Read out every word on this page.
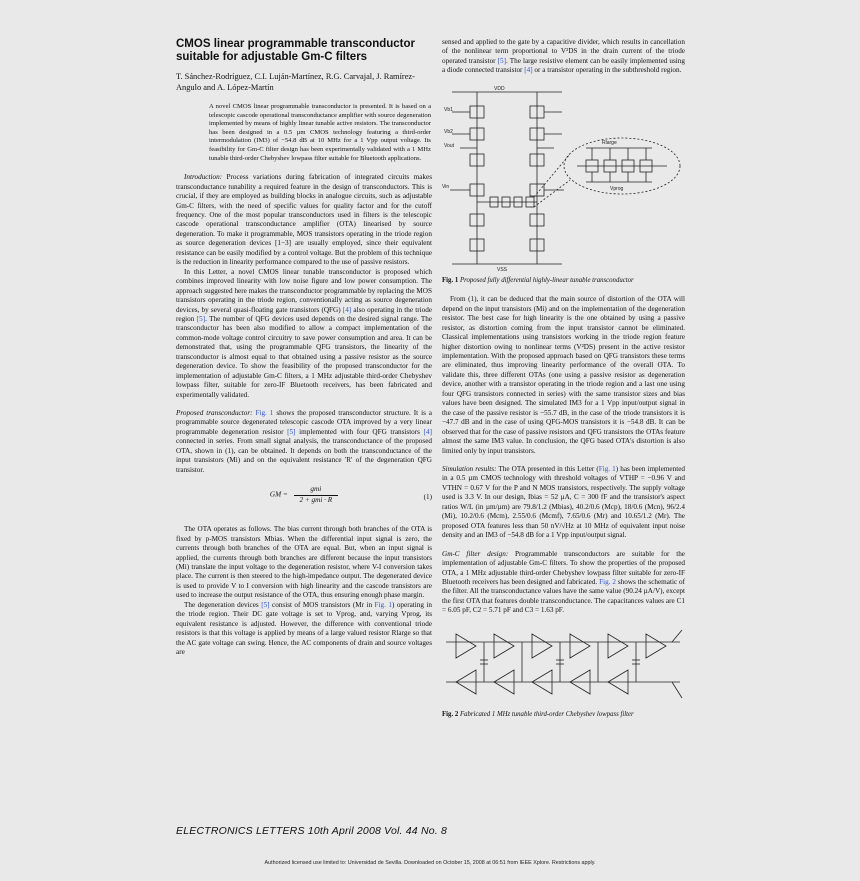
CMOS linear programmable transconductor suitable for adjustable Gm-C filters
T. Sánchez-Rodríguez, C.I. Luján-Martínez, R.G. Carvajal, J. Ramírez-Angulo and A. López-Martín
A novel CMOS linear programmable transconductor is presented. It is based on a telescopic cascode operational transconductance amplifier with source degeneration implemented by means of highly linear tunable active resistors. The transconductor has been designed in a 0.5 µm CMOS technology featuring a third-order intermodulation (IM3) of −54.8 dB at 10 MHz for a 1 Vpp output voltage. Its feasibility for Gm-C filter design has been experimentally validated with a 1 MHz tunable third-order Chebyshev lowpass filter suitable for Bluetooth applications.

Introduction: Process variations during fabrication of integrated circuits makes transconductance tunability a required feature in the design of transconductors. This is crucial, if they are employed as building blocks in analogue circuits, such as adjustable Gm-C filters, with the need of specific values for quality factor and for the cutoff frequency. One of the most popular transconductors used in filters is the telescopic cascode operational transconductance amplifier (OTA) linearised by source degeneration. To make it programmable, MOS transistors operating in the triode region as source degeneration devices [1−3] are usually employed, since their equivalent resistance can be easily modified by a control voltage. But the problem of this technique is the reduction in linearity performance compared to the use of passive resistors.

In this Letter, a novel CMOS linear tunable transconductor is proposed which combines improved linearity with low noise figure and low power consumption. The approach suggested here makes the transconductor programmable by replacing the MOS transistors operating in the triode region, conventionally acting as source degeneration devices, by several quasi-floating gate transistors (QFG) [4] also operating in the triode region [5]. The number of QFG devices used depends on the desired signal range. The transconductor has been also modified to allow a compact implementation of the common-mode voltage control circuitry to save power consumption and area. It can be demonstrated that, using the programmable QFG transistors, the linearity of the transconductor is almost equal to that obtained using a passive resistor as the source degeneration device. To show the feasibility of the proposed transconductor for the implementation of adjustable Gm-C filters, a 1 MHz adjustable third-order Chebyshev lowpass filter, suitable for zero-IF Bluetooth receivers, has been fabricated and experimentally validated.

Proposed transconductor: Fig. 1 shows the proposed transconductor structure. It is a programmable source degenerated telescopic cascode OTA improved by a very linear programmable degeneration resistor [5] implemented with four QFG transistors [4] connected in series. From small signal analysis, the transconductance of the proposed OTA, shown in (1), can be obtained. It depends on both the transconductance of the input transistors (Mi) and on the equivalent resistance 'R' of the degeneration QFG transistor.

GM = $\frac{\text{gmi}}{\text{2 + gmi · R}}$	(1)

The OTA operates as follows. The bias current through both branches of the OTA is fixed by p-MOS transistors Mbias. When the differential input signal is zero, the currents through both branches of the OTA are equal. But, when an input signal is applied, the currents through both branches are different because the input transistors (Mi) translate the input voltage to the degeneration resistor, where V-I conversion takes place. The current is then steered to the high-impedance output. The degenerated device is used to provide V to I conversion with high linearity and the cascode transistors are used to increase the output resistance of the OTA, thus ensuring enough phase margin.

The degeneration devices [5] consist of MOS transistors (Mr in Fig. 1) operating in the triode region. Their DC gate voltage is set to Vprog, and, varying Vprog, its equivalent resistance is adjusted. However, the difference with conventional triode resistors is that this voltage is applied by means of a large valued resistor Rlarge so that the AC gate voltage can swing. Hence, the AC components of drain and source voltages are

sensed and applied to the gate by a capacitive divider, which results in cancellation of the nonlinear term proportional to V²DS in the drain current of the triode operated transistor [5]. The large resistive element can be easily implemented using a diode connected transistor [4] or a transistor operating in the subthreshold region.

VDD
Vb1
Vb2
Vout
Vin
VSS
Rlarge
Vprog
Fig. 1 Proposed fully differential highly-linear tunable transconductor

From (1), it can be deduced that the main source of distortion of the OTA will depend on the input transistors (Mi) and on the implementation of the degeneration resistor. The best case for high linearity is the one obtained by using a passive resistor, as distortion coming from the input transistor cannot be eliminated. Classical implementations using transistors working in the triode region feature higher distortion owing to nonlinear terms (V²DS) present in the active resistor implementation. With the proposed approach based on QFG transistors these terms are eliminated, thus improving linearity performance of the overall OTA. To validate this, three different OTAs (one using a passive resistor as degeneration device, another with a transistor operating in the triode region and a last one using four QFG transistors connected in series) with the same transistor sizes and bias values have been designed. The simulated IM3 for a 1 Vpp input/output signal in the case of the passive resistor is −55.7 dB, in the case of the triode transistors it is −47.7 dB and in the case of using QFG-MOS transistors it is −54.8 dB. It can be observed that for the case of passive resistors and QFG transistors the OTAs feature almost the same IM3 value. In conclusion, the QFG based OTA's distortion is also limited only by input transistors.

Simulation results: The OTA presented in this Letter (Fig. 1) has been implemented in a 0.5 µm CMOS technology with threshold voltages of VTHP = −0.96 V and VTHN = 0.67 V for the P and N MOS transistors, respectively. The supply voltage used is 3.3 V. In our design, Ibias = 52 µA, C = 300 fF and the transistor's aspect ratios W/L (in µm/µm) are 79.8/1.2 (Mbias), 40.2/0.6 (Mcp), 18/0.6 (Mcn), 96/2.4 (Mi), 10.2/0.6 (Mcm), 2.55/0.6 (Mcmf), 7.65/0.6 (Mr) and 10.65/1.2 (Mr). The proposed OTA features less than 50 nV/√Hz at 10 MHz of equivalent input noise density and an IM3 of −54.8 dB for a 1 Vpp input/output signal.

Gm-C filter design: Programmable transconductors are suitable for the implementation of adjustable Gm-C filters. To show the properties of the proposed OTA, a 1 MHz adjustable third-order Chebyshev lowpass filter suitable for zero-IF Bluetooth receivers has been designed and fabricated. Fig. 2 shows the schematic of the filter. All the transconductance values have the same value (90.24 µA/V), except the first OTA that features double transconductance. The capacitances values are C1 = 6.05 pF, C2 = 5.71 pF and C3 = 1.63 pF.

Fig. 2 Fabricated 1 MHz tunable third-order Chebyshev lowpass filter
ELECTRONICS LETTERS 10th April 2008 Vol. 44 No. 8
Authorized licensed use limited to: Universidad de Sevilla. Downloaded on October 15, 2008 at 06:51 from IEEE Xplore. Restrictions apply.
